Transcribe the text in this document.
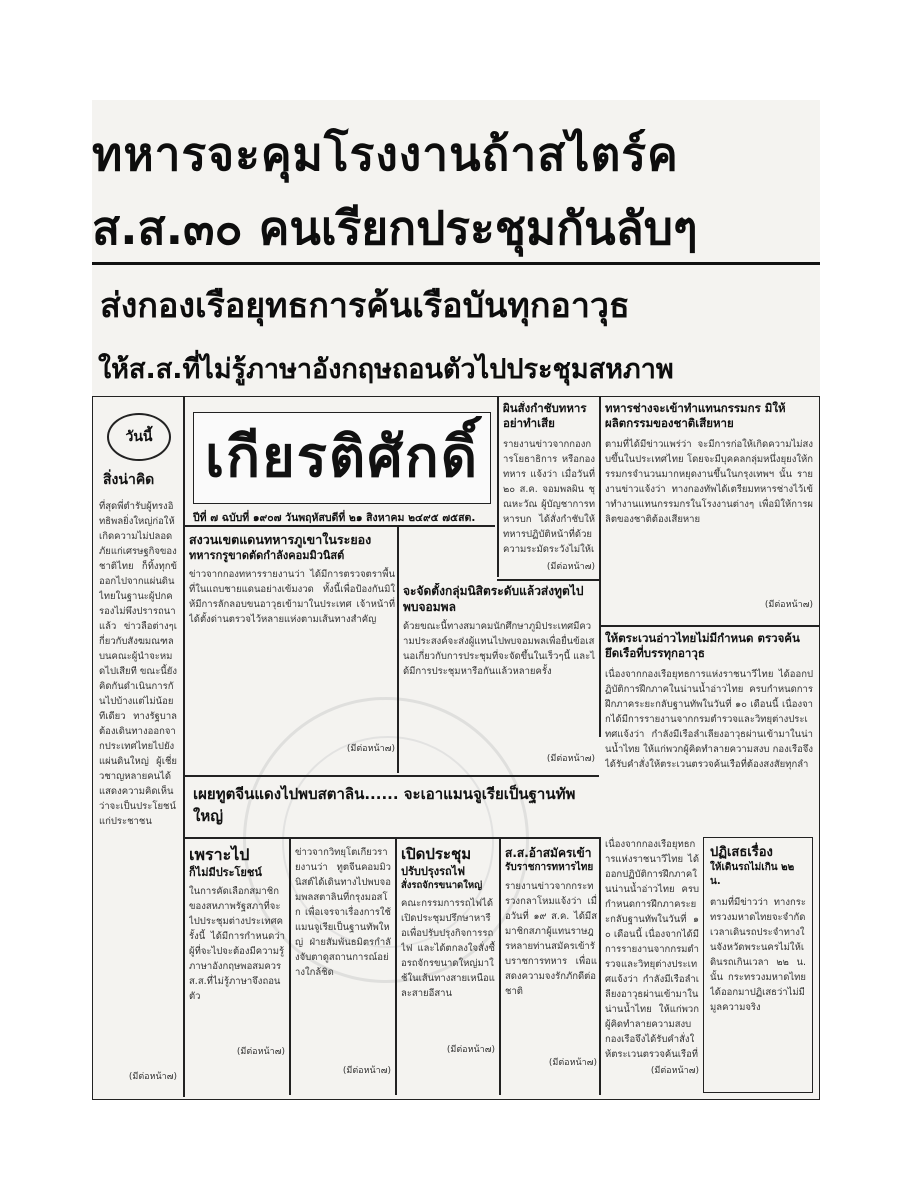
ทหารจะคุมโรงงานถ้าสไตร์ค
ส.ส.๓๐ คนเรียกประชุมกันลับๆ
ส่งกองเรือยุทธการค้นเรือบันทุกอาวุธ
ให้ส.ส.ที่ไม่รู้ภาษาอังกฤษถอนตัวไปประชุมสหภาพ
วันนี้
สิ่งน่าคิด
ที่สุดพี่ตำรับผู้ทรงอิทธิพลยิ่งใหญ่ก่อให้เกิดความไม่ปลอดภัยแก่เศรษฐกิจของชาติไทย ก็ทิ้งทุกข้ออกไปจากแผ่นดินไทยในฐานะผู้ปกครองไม่พึงปรารถนาแล้ว ข่าวลือต่างๆเกี่ยวกับสังฆมณฑลบนคณะผู้นำจะหมดไปเสียที ขณะนี้ยังคิดกันดำเนินการกันไปบ้างแต่ไม่น้อยทีเดียว ทางรัฐบาลต้องเดินทางออกจากประเทศไทยไปยังแผ่นดินใหญ่ ผู้เชี่ยวชาญหลายคนได้แสดงความคิดเห็นว่าจะเป็นประโยชน์แก่ประชาชน
(มีต่อหน้า๗)
เกียรติศักดิ์
ปีที่ ๗ ฉบับที่ ๑๙๐๗ วันพฤหัสบดีที่ ๒๑ สิงหาคม ๒๔๙๕ ๗๕สต.
ผินสั่งกำชับทหารอย่าทำเสีย
รายงานข่าวจากกองการโยธาธิการ หรือกองทหาร แจ้งว่า เมื่อวันที่ ๒๐ ส.ค. จอมพลผิน ชุณหะวัณ ผู้บัญชาการทหารบก ได้สั่งกำชับให้ทหารปฏิบัติหน้าที่ด้วยความระมัดระวังไม่ให้เ
(มีต่อหน้า๗)
ทหารช่างจะเข้าทำแทนกรรมกร มิให้ผลิตกรรมของชาติเสียหาย
ตามที่ได้มีข่าวแพร่ว่า จะมีการก่อให้เกิดความไม่สงบขึ้นในประเทศไทย โดยจะมีบุคคลกลุ่มหนึ่งยุยงให้กรรมกรจำนวนมากหยุดงานขึ้นในกรุงเทพฯ นั้น รายงานข่าวแจ้งว่า ทางกองทัพได้เตรียมทหารช่างไว้เข้าทำงานแทนกรรมกรในโรงงานต่างๆ เพื่อมิให้การผลิตของชาติต้องเสียหาย
(มีต่อหน้า๗)
สงวนเขตแดนทหารภูเขาในระยอง
ทหารกรูขาดตัดกำลังคอมมิวนิสต์
ข่าวจากกองทหารรายงานว่า ได้มีการตรวจตราพื้นที่ในแถบชายแดนอย่างเข้มงวด ทั้งนี้เพื่อป้องกันมิให้มีการลักลอบขนอาวุธเข้ามาในประเทศ เจ้าหน้าที่ได้ตั้งด่านตรวจไว้หลายแห่งตามเส้นทางสำคัญ
(มีต่อหน้า๗)
จะจัดตั้งกลุ่มนิสิตระดับแล้วส่งทูตไปพบจอมพล
ด้วยขณะนี้ทางสมาคมนักศึกษาภูมิประเทศมีความประสงค์จะส่งผู้แทนไปพบจอมพลเพื่อยื่นข้อเสนอเกี่ยวกับการประชุมที่จะจัดขึ้นในเร็วๆนี้ และได้มีการประชุมหารือกันแล้วหลายครั้ง
(มีต่อหน้า๗)
ให้ตระเวนอ่าวไทยไม่มีกำหนด ตรวจค้นยึดเรือที่บรรทุกอาวุธ
เนื่องจากกองเรือยุทธการแห่งราชนาวีไทย ได้ออกปฏิบัติการฝึกภาคในน่านน้ำอ่าวไทย ครบกำหนดการฝึกภาคระยะกลับฐานทัพในวันที่ ๑๐ เดือนนี้ เนื่องจากได้มีการรายงานจากกรมตำรวจและวิทยุต่างประเทศแจ้งว่า กำลังมีเรือลำเลียงอาวุธผ่านเข้ามาในน่านน้ำไทย ให้แก่พวกผู้คิดทำลายความสงบ กองเรือจึงได้รับคำสั่งให้ตระเวนตรวจค้นเรือที่ต้องสงสัยทุกลำ
เผยทูตจีนแดงไปพบสตาลิน...... จะเอาแมนจูเรียเป็นฐานทัพใหญ่
เพราะไป
ก็ไม่มีประโยชน์
ในการคัดเลือกสมาชิกของสหภาพรัฐสภาที่จะไปประชุมต่างประเทศครั้งนี้ ได้มีการกำหนดว่าผู้ที่จะไปจะต้องมีความรู้ภาษาอังกฤษพอสมควร ส.ส.ที่ไม่รู้ภาษาจึงถอนตัว
(มีต่อหน้า๗)
ข่าวจากวิทยุโตเกียวรายงานว่า ทูตจีนคอมมิวนิสต์ได้เดินทางไปพบจอมพลสตาลินที่กรุงมอสโก เพื่อเจรจาเรื่องการใช้แมนจูเรียเป็นฐานทัพใหญ่ ฝ่ายสัมพันธมิตรกำลังจับตาดูสถานการณ์อย่างใกล้ชิด
(มีต่อหน้า๗)
เปิดประชุม
ปรับปรุงรถไฟ
สั่งรถจักรขนาดใหญ่
คณะกรรมการรถไฟได้เปิดประชุมปรึกษาหารือเพื่อปรับปรุงกิจการรถไฟ และได้ตกลงใจสั่งซื้อรถจักรขนาดใหญ่มาใช้ในเส้นทางสายเหนือและสายอีสาน
(มีต่อหน้า๗)
ส.ส.อ้าสมัครเข้า
รับราชการทหารไทย
รายงานข่าวจากกระทรวงกลาโหมแจ้งว่า เมื่อวันที่ ๑๙ ส.ค. ได้มีสมาชิกสภาผู้แทนราษฎรหลายท่านสมัครเข้ารับราชการทหาร เพื่อแสดงความจงรักภักดีต่อชาติ
(มีต่อหน้า๗)
ปฏิเสธเรื่อง
ให้เดินรถไม่เกิน ๒๒ น.
ตามที่มีข่าวว่า ทางกระทรวงมหาดไทยจะจำกัดเวลาเดินรถประจำทางในจังหวัดพระนครไม่ให้เดินรถเกินเวลา ๒๒ น. นั้น กระทรวงมหาดไทยได้ออกมาปฏิเสธว่าไม่มีมูลความจริง
เนื่องจากกองเรือยุทธการแห่งราชนาวีไทย ได้ออกปฏิบัติการฝึกภาคในน่านน้ำอ่าวไทย ครบกำหนดการฝึกภาคระยะกลับฐานทัพในวันที่ ๑๐ เดือนนี้ เนื่องจากได้มีการรายงานจากกรมตำรวจและวิทยุต่างประเทศแจ้งว่า กำลังมีเรือลำเลียงอาวุธผ่านเข้ามาในน่านน้ำไทย ให้แก่พวกผู้คิดทำลายความสงบ กองเรือจึงได้รับคำสั่งให้ตระเวนตรวจค้นเรือที่
(มีต่อหน้า๗)
